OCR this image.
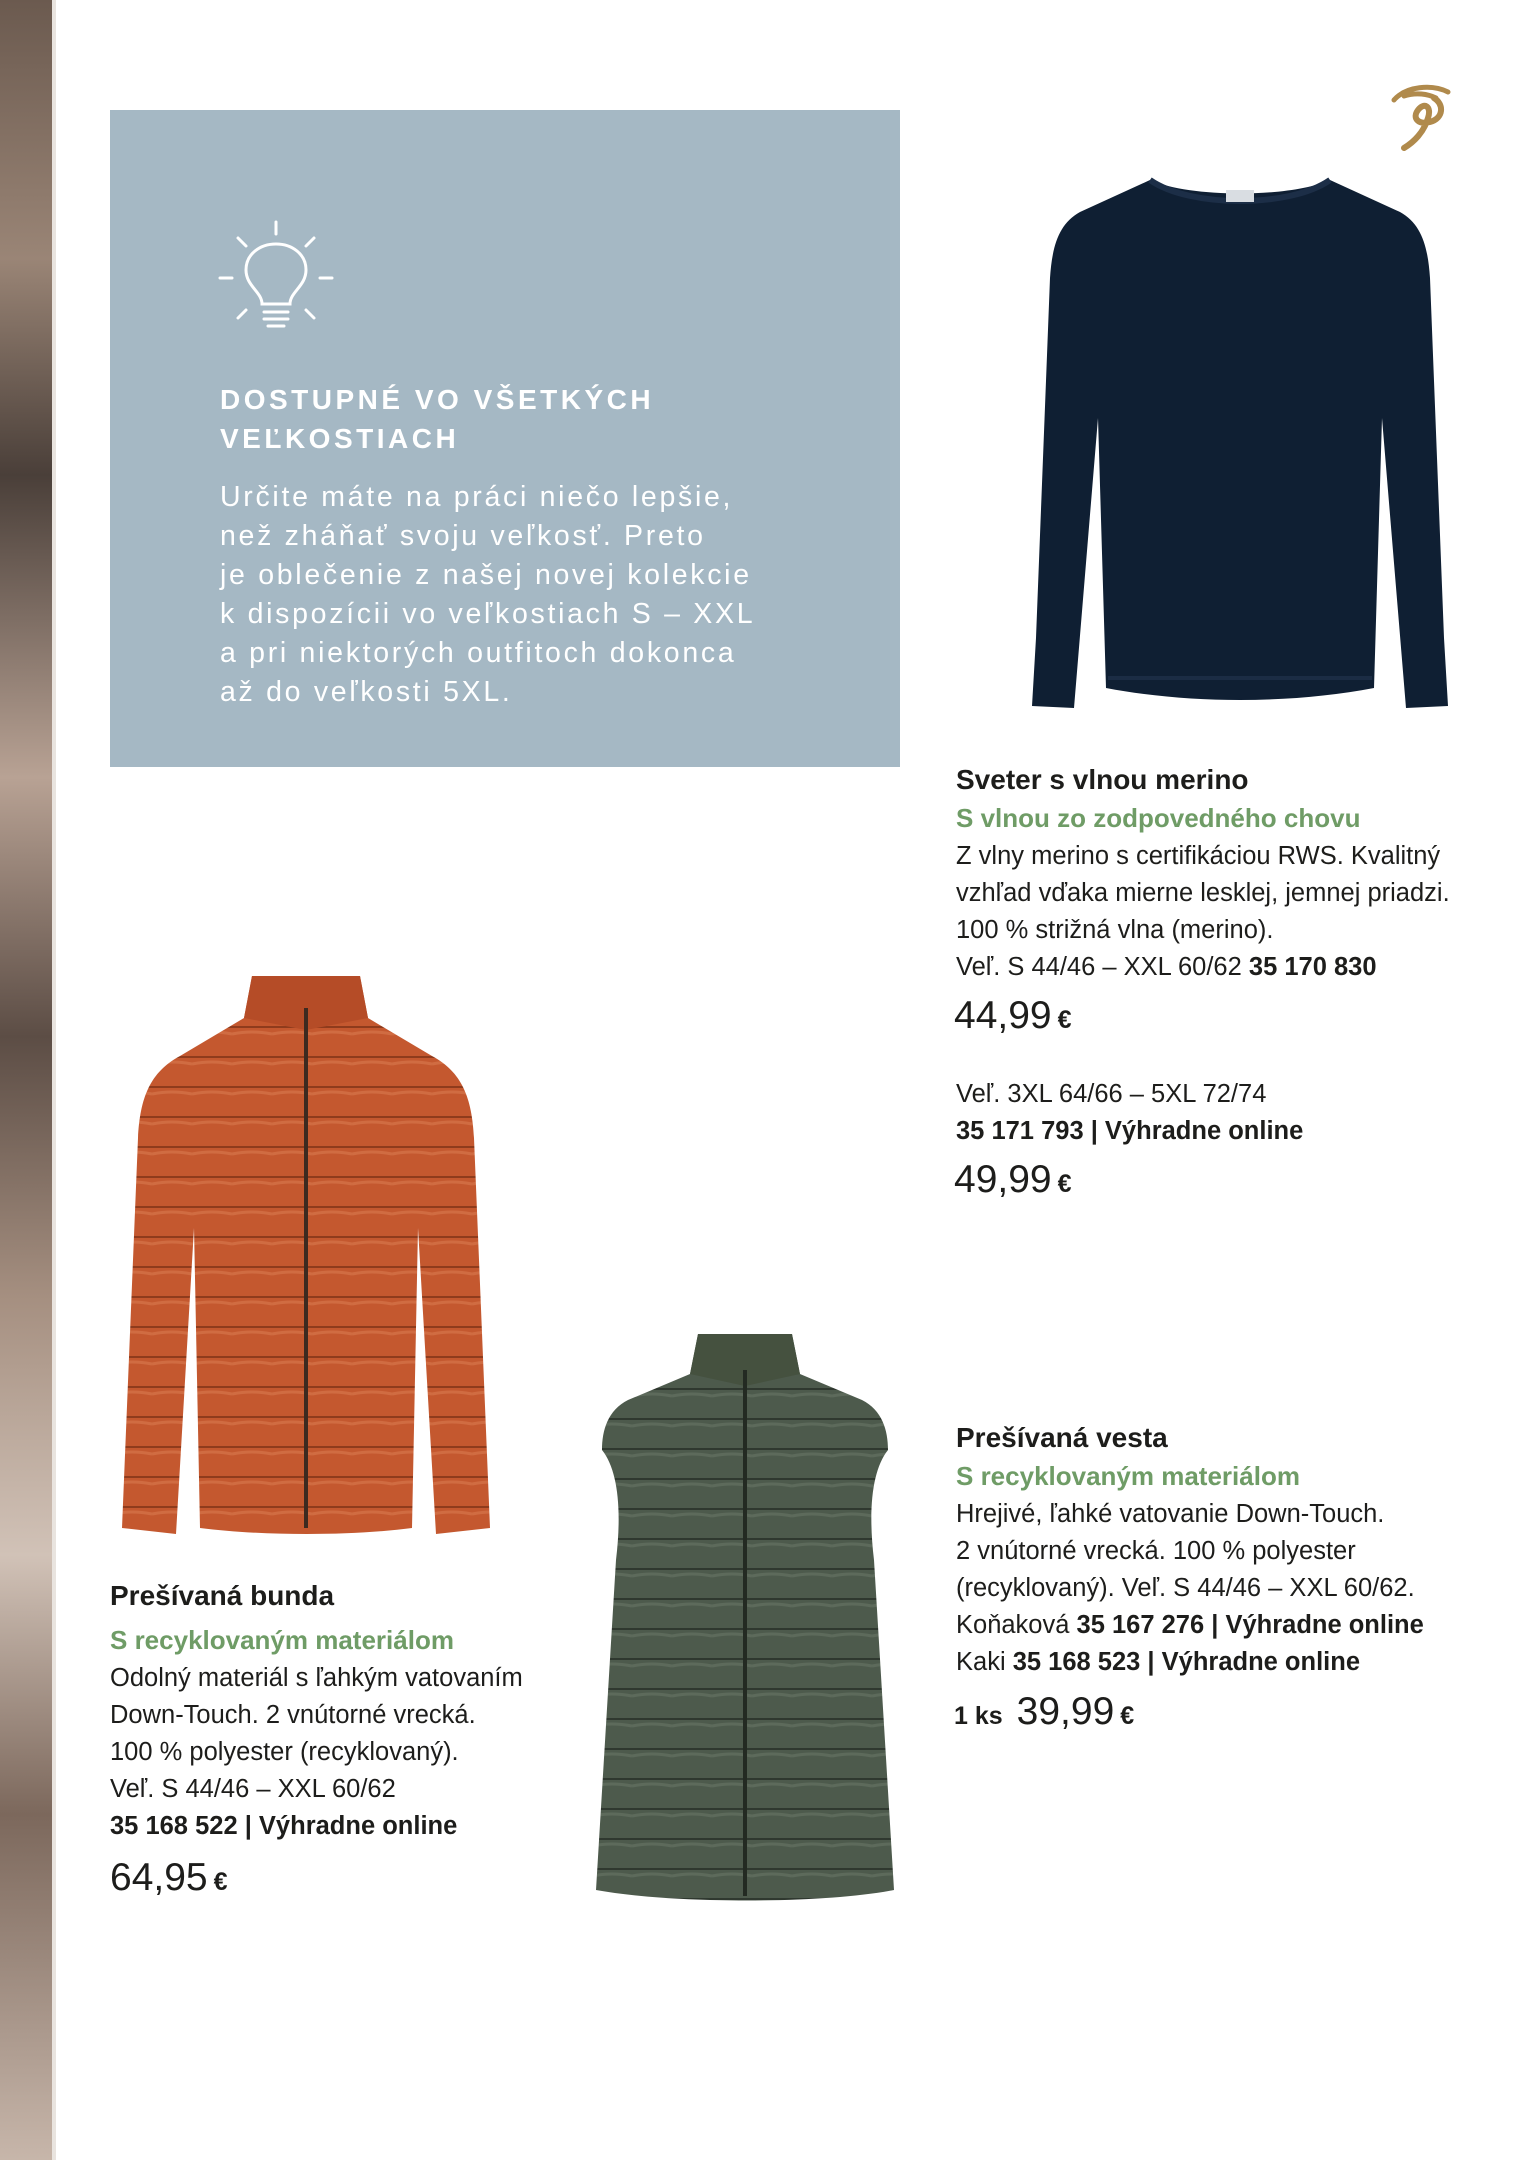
DOSTUPNÉ VO VŠETKÝCH
VEĽKOSTIACH

Určite máte na práci niečo lepšie,
než zháňať svoju veľkosť. Preto
je oblečenie z našej novej kolekcie
k dispozícii vo veľkostiach S – XXL
a pri niektorých outfitoch dokonca
až do veľkosti 5XL.

Sveter s vlnou merino

S vlnou zo zodpovedného chovu

Z vlny merino s certifikáciou RWS. Kvalitný

vzhľad vďaka mierne lesklej, jemnej priadzi.

100 % strižná vlna (merino).

Veľ. S 44/46 – XXL 60/62 35 170 830

44,99 €

Veľ. 3XL 64/66 – 5XL 72/74

35 171 793 | Výhradne online

49,99 €

Prešívaná bunda

S recyklovaným materiálom

Odolný materiál s ľahkým vatovaním

Down-Touch. 2 vnútorné vrecká.

100 % polyester (recyklovaný).

Veľ. S 44/46 – XXL 60/62

35 168 522 | Výhradne online

64,95 €

Prešívaná vesta

S recyklovaným materiálom

Hrejivé, ľahké vatovanie Down-Touch.

2 vnútorné vrecká. 100 % polyester

(recyklovaný). Veľ. S 44/46 – XXL 60/62.

Koňaková 35 167 276 | Výhradne online

Kaki 35 168 523 | Výhradne online

1 ks 39,99 €
